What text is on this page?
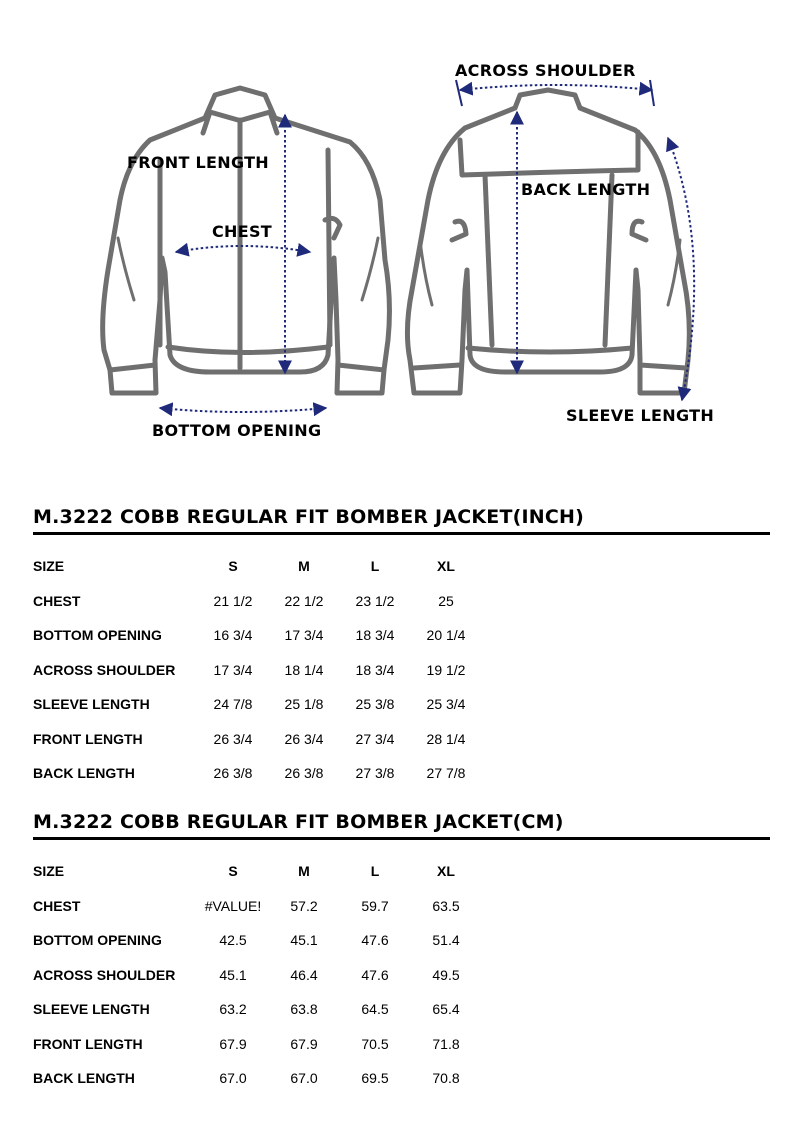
FRONT LENGTH
CHEST
BOTTOM OPENING
ACROSS SHOULDER
BACK LENGTH
SLEEVE LENGTH
M.3222 COBB REGULAR FIT BOMBER JACKET(INCH)
SIZE	S	M	L	XL
CHEST	21 1/2	22 1/2	23 1/2	25
BOTTOM OPENING	16 3/4	17 3/4	18 3/4	20 1/4
ACROSS SHOULDER	17 3/4	18 1/4	18 3/4	19 1/2
SLEEVE LENGTH	24 7/8	25 1/8	25 3/8	25 3/4
FRONT LENGTH	26 3/4	26 3/4	27 3/4	28 1/4
BACK LENGTH	26 3/8	26 3/8	27 3/8	27 7/8
M.3222 COBB REGULAR FIT BOMBER JACKET(CM)
SIZE	S	M	L	XL
CHEST	#VALUE!	57.2	59.7	63.5
BOTTOM OPENING	42.5	45.1	47.6	51.4
ACROSS SHOULDER	45.1	46.4	47.6	49.5
SLEEVE LENGTH	63.2	63.8	64.5	65.4
FRONT LENGTH	67.9	67.9	70.5	71.8
BACK LENGTH	67.0	67.0	69.5	70.8
